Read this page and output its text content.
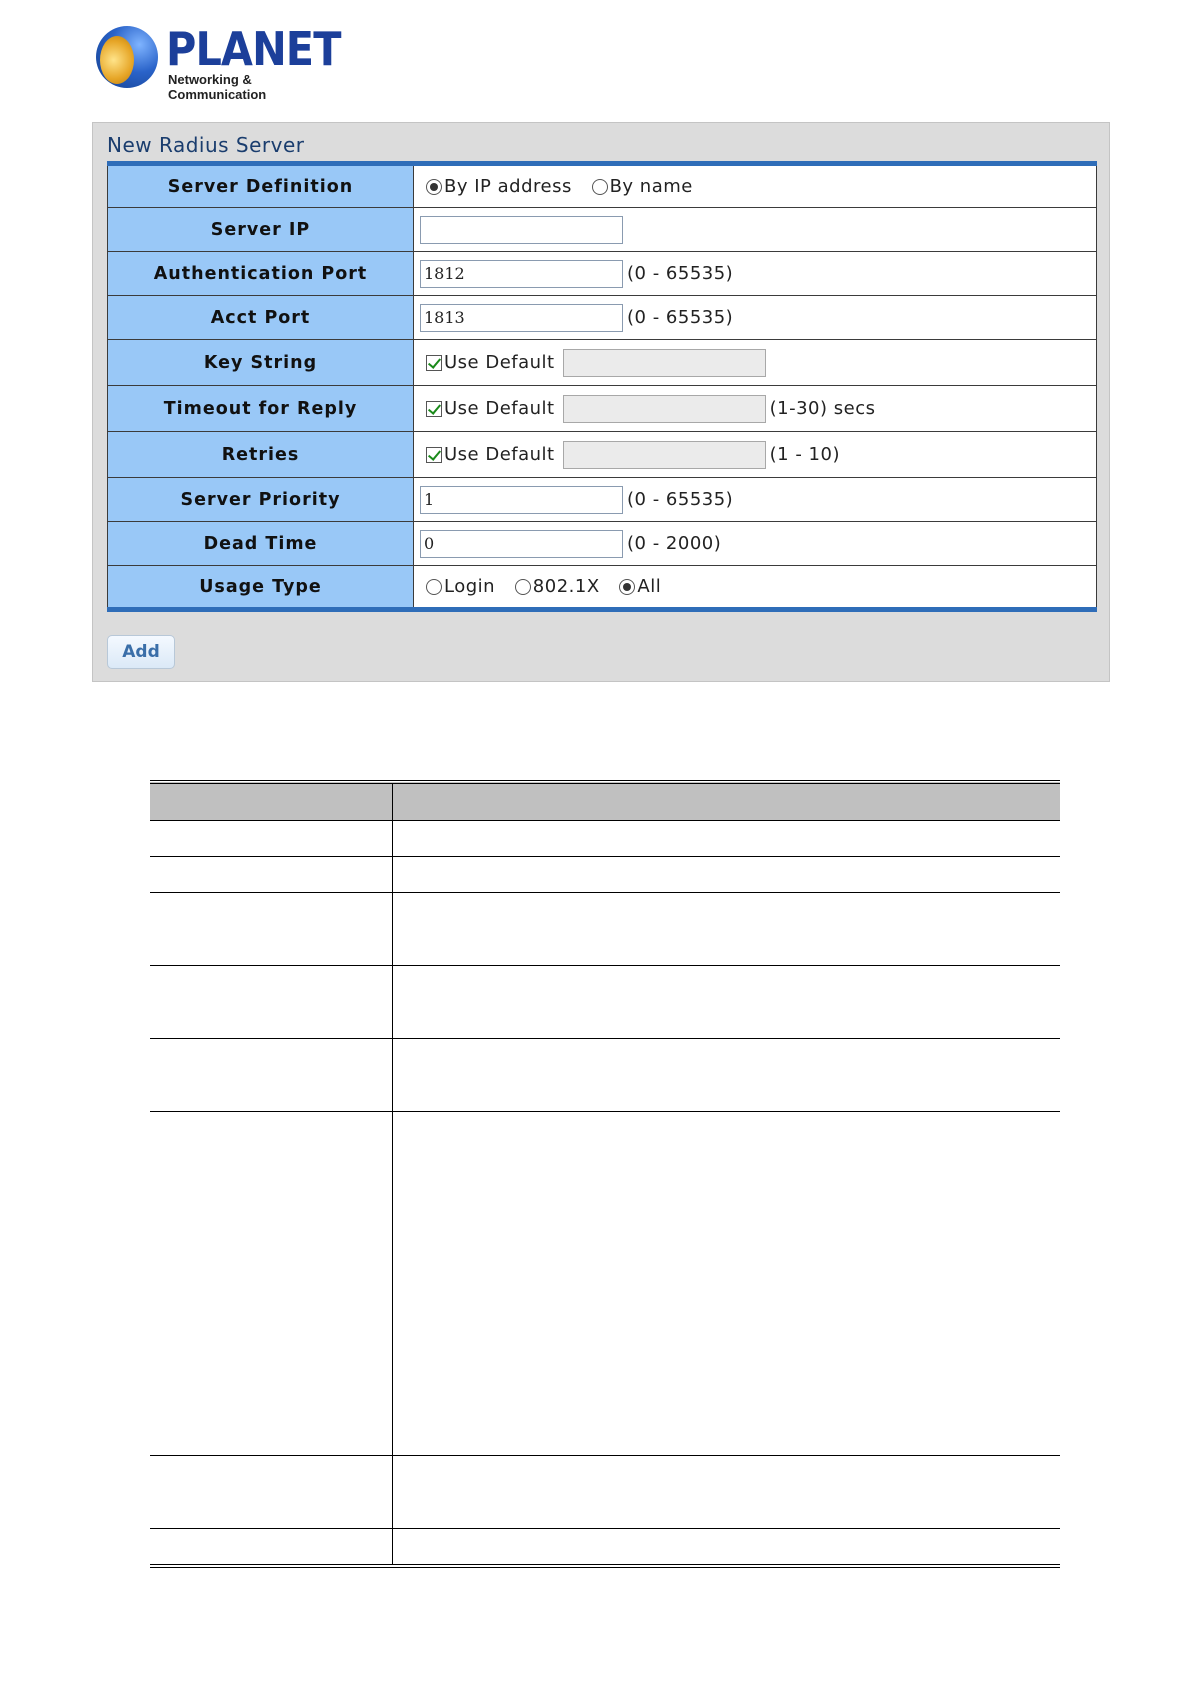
PLANET
Networking & Communication
New Radius Server
Server Definition	By IP address By name
Server IP	
Authentication Port	1812 (0 - 65535)
Acct Port	1813 (0 - 65535)
Key String	Use Default
Timeout for Reply	Use Default (1-30) secs
Retries	Use Default (1 - 10)
Server Priority	1 (0 - 65535)
Dead Time	0 (0 - 2000)
Usage Type	Login 802.1X All
Add
